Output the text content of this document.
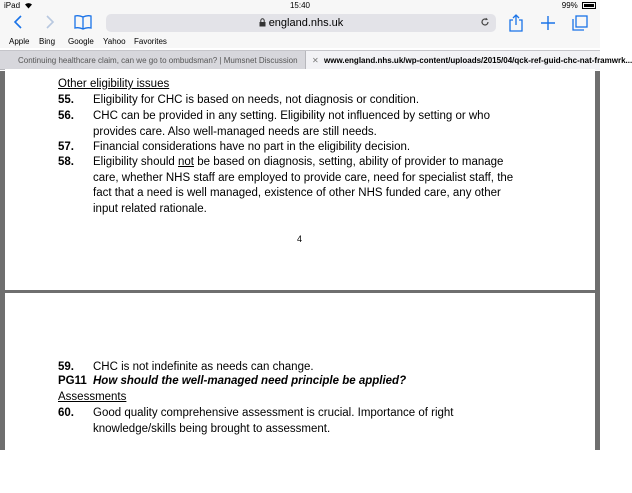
iPad	15:40	99%
england.nhs.uk
Apple Bing Google Yahoo Favorites
Continuing healthcare claim, can we go to ombudsman? | Mumsnet Discussion	✕ www.england.nhs.uk/wp-content/uploads/2015/04/qck-ref-guid-chc-nat-framwrk...
Other eligibility issues
55. Eligibility for CHC is based on needs, not diagnosis or condition.
56. CHC can be provided in any setting. Eligibility not influenced by setting or who provides care. Also well-managed needs are still needs.
57. Financial considerations have no part in the eligibility decision.
58. Eligibility should not be based on diagnosis, setting, ability of provider to manage care, whether NHS staff are employed to provide care, need for specialist staff, the fact that a need is well managed, existence of other NHS funded care, any other input related rationale.
4
59. CHC is not indefinite as needs can change.
PG11 How should the well-managed need principle be applied?
Assessments
60. Good quality comprehensive assessment is crucial. Importance of right knowledge/skills being brought to assessment.
